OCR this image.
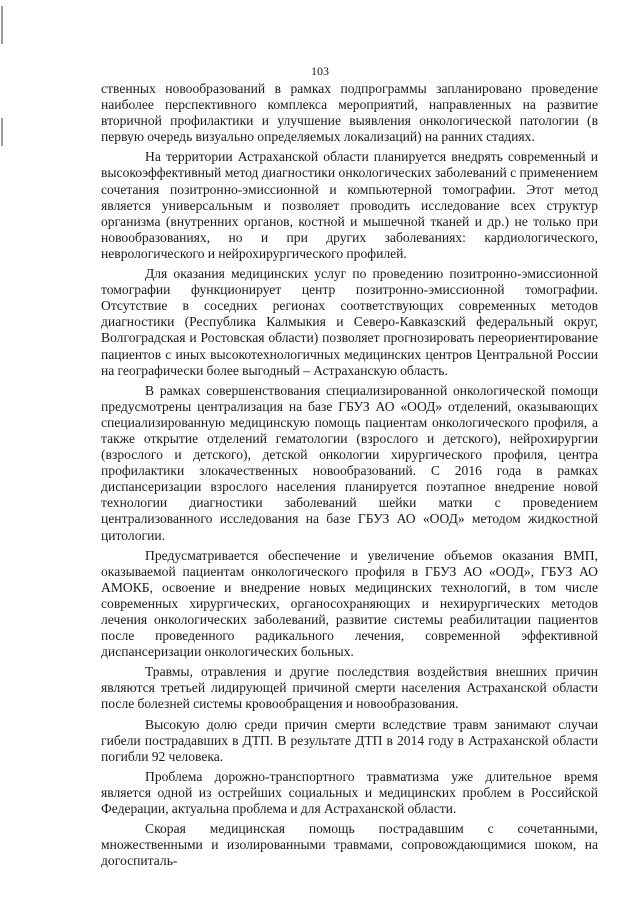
103

ственных новообразований в рамках подпрограммы запланировано проведение наиболее перспективного комплекса мероприятий, направленных на развитие вторичной профилактики и улучшение выявления онкологической патологии (в первую очередь визуально определяемых локализаций) на ранних стадиях.

На территории Астраханской области планируется внедрять современный и высокоэффективный метод диагностики онкологических заболеваний с применением сочетания позитронно-эмиссионной и компьютерной томографии. Этот метод является универсальным и позволяет проводить исследование всех структур организма (внутренних органов, костной и мышечной тканей и др.) не только при новообразованиях, но и при других заболеваниях: кардиологического, неврологического и нейрохирургического профилей.

Для оказания медицинских услуг по проведению позитронно-эмиссионной томографии функционирует центр позитронно-эмиссионной томографии. Отсутствие в соседних регионах соответствующих современных методов диагностики (Республика Калмыкия и Северо-Кавказский федеральный округ, Волгоградская и Ростовская области) позволяет прогнозировать переориентирование пациентов с иных высокотехнологичных медицинских центров Центральной России на географически более выгодный – Астраханскую область.

В рамках совершенствования специализированной онкологической помощи предусмотрены централизация на базе ГБУЗ АО «ООД» отделений, оказывающих специализированную медицинскую помощь пациентам онкологического профиля, а также открытие отделений гематологии (взрослого и детского), нейрохирургии (взрослого и детского), детской онкологии хирургического профиля, центра профилактики злокачественных новообразований. С 2016 года в рамках диспансеризации взрослого населения планируется поэтапное внедрение новой технологии диагностики заболеваний шейки матки с проведением централизованного исследования на базе ГБУЗ АО «ООД» методом жидкостной цитологии.

Предусматривается обеспечение и увеличение объемов оказания ВМП, оказываемой пациентам онкологического профиля в ГБУЗ АО «ООД», ГБУЗ АО АМОКБ, освоение и внедрение новых медицинских технологий, в том числе современных хирургических, органосохраняющих и нехирургических методов лечения онкологических заболеваний, развитие системы реабилитации пациентов после проведенного радикального лечения, современной эффективной диспансеризации онкологических больных.

Травмы, отравления и другие последствия воздействия внешних причин являются третьей лидирующей причиной смерти населения Астраханской области после болезней системы кровообращения и новообразования.

Высокую долю среди причин смерти вследствие травм занимают случаи гибели пострадавших в ДТП. В результате ДТП в 2014 году в Астраханской области погибли 92 человека.

Проблема дорожно-транспортного травматизма уже длительное время является одной из острейших социальных и медицинских проблем в Российской Федерации, актуальна проблема и для Астраханской области.

Скорая медицинская помощь пострадавшим с сочетанными, множественными и изолированными травмами, сопровождающимися шоком, на догоспиталь-
